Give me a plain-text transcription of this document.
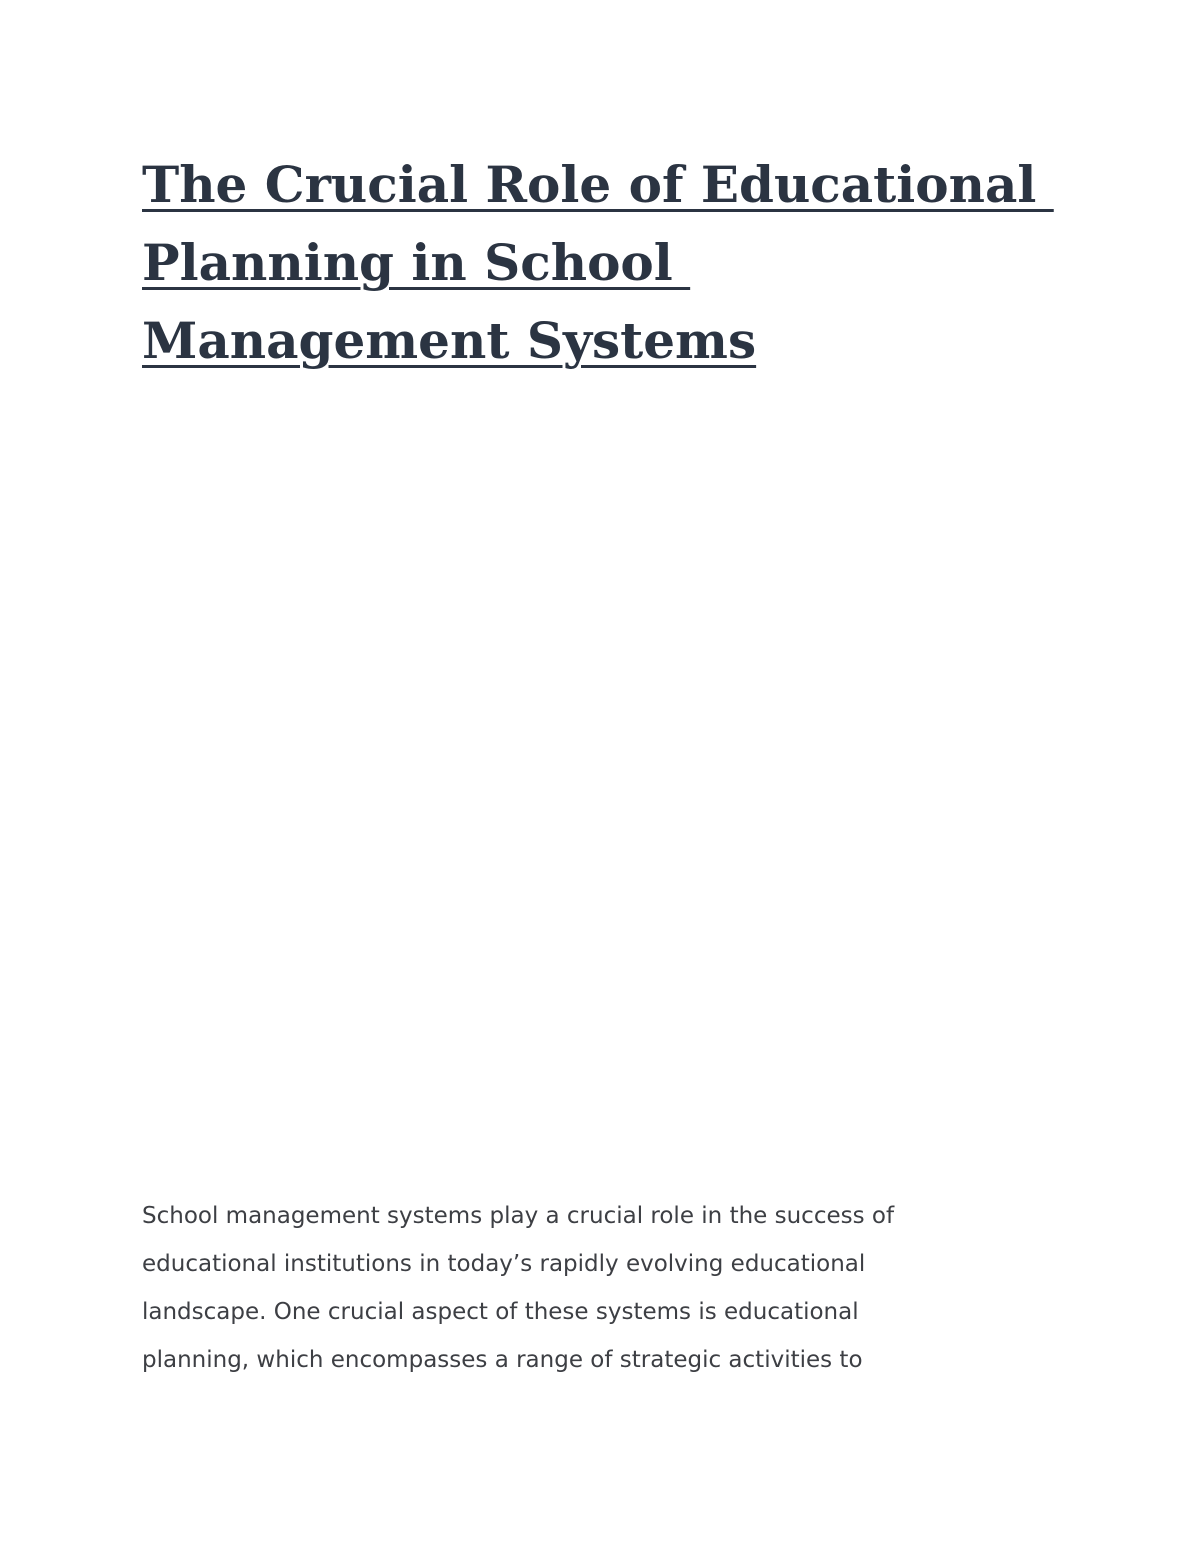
The Crucial Role of Educational
Planning in School
Management Systems

School management systems play a crucial role in the success of
educational institutions in today’s rapidly evolving educational
landscape. One crucial aspect of these systems is educational
planning, which encompasses a range of strategic activities to
